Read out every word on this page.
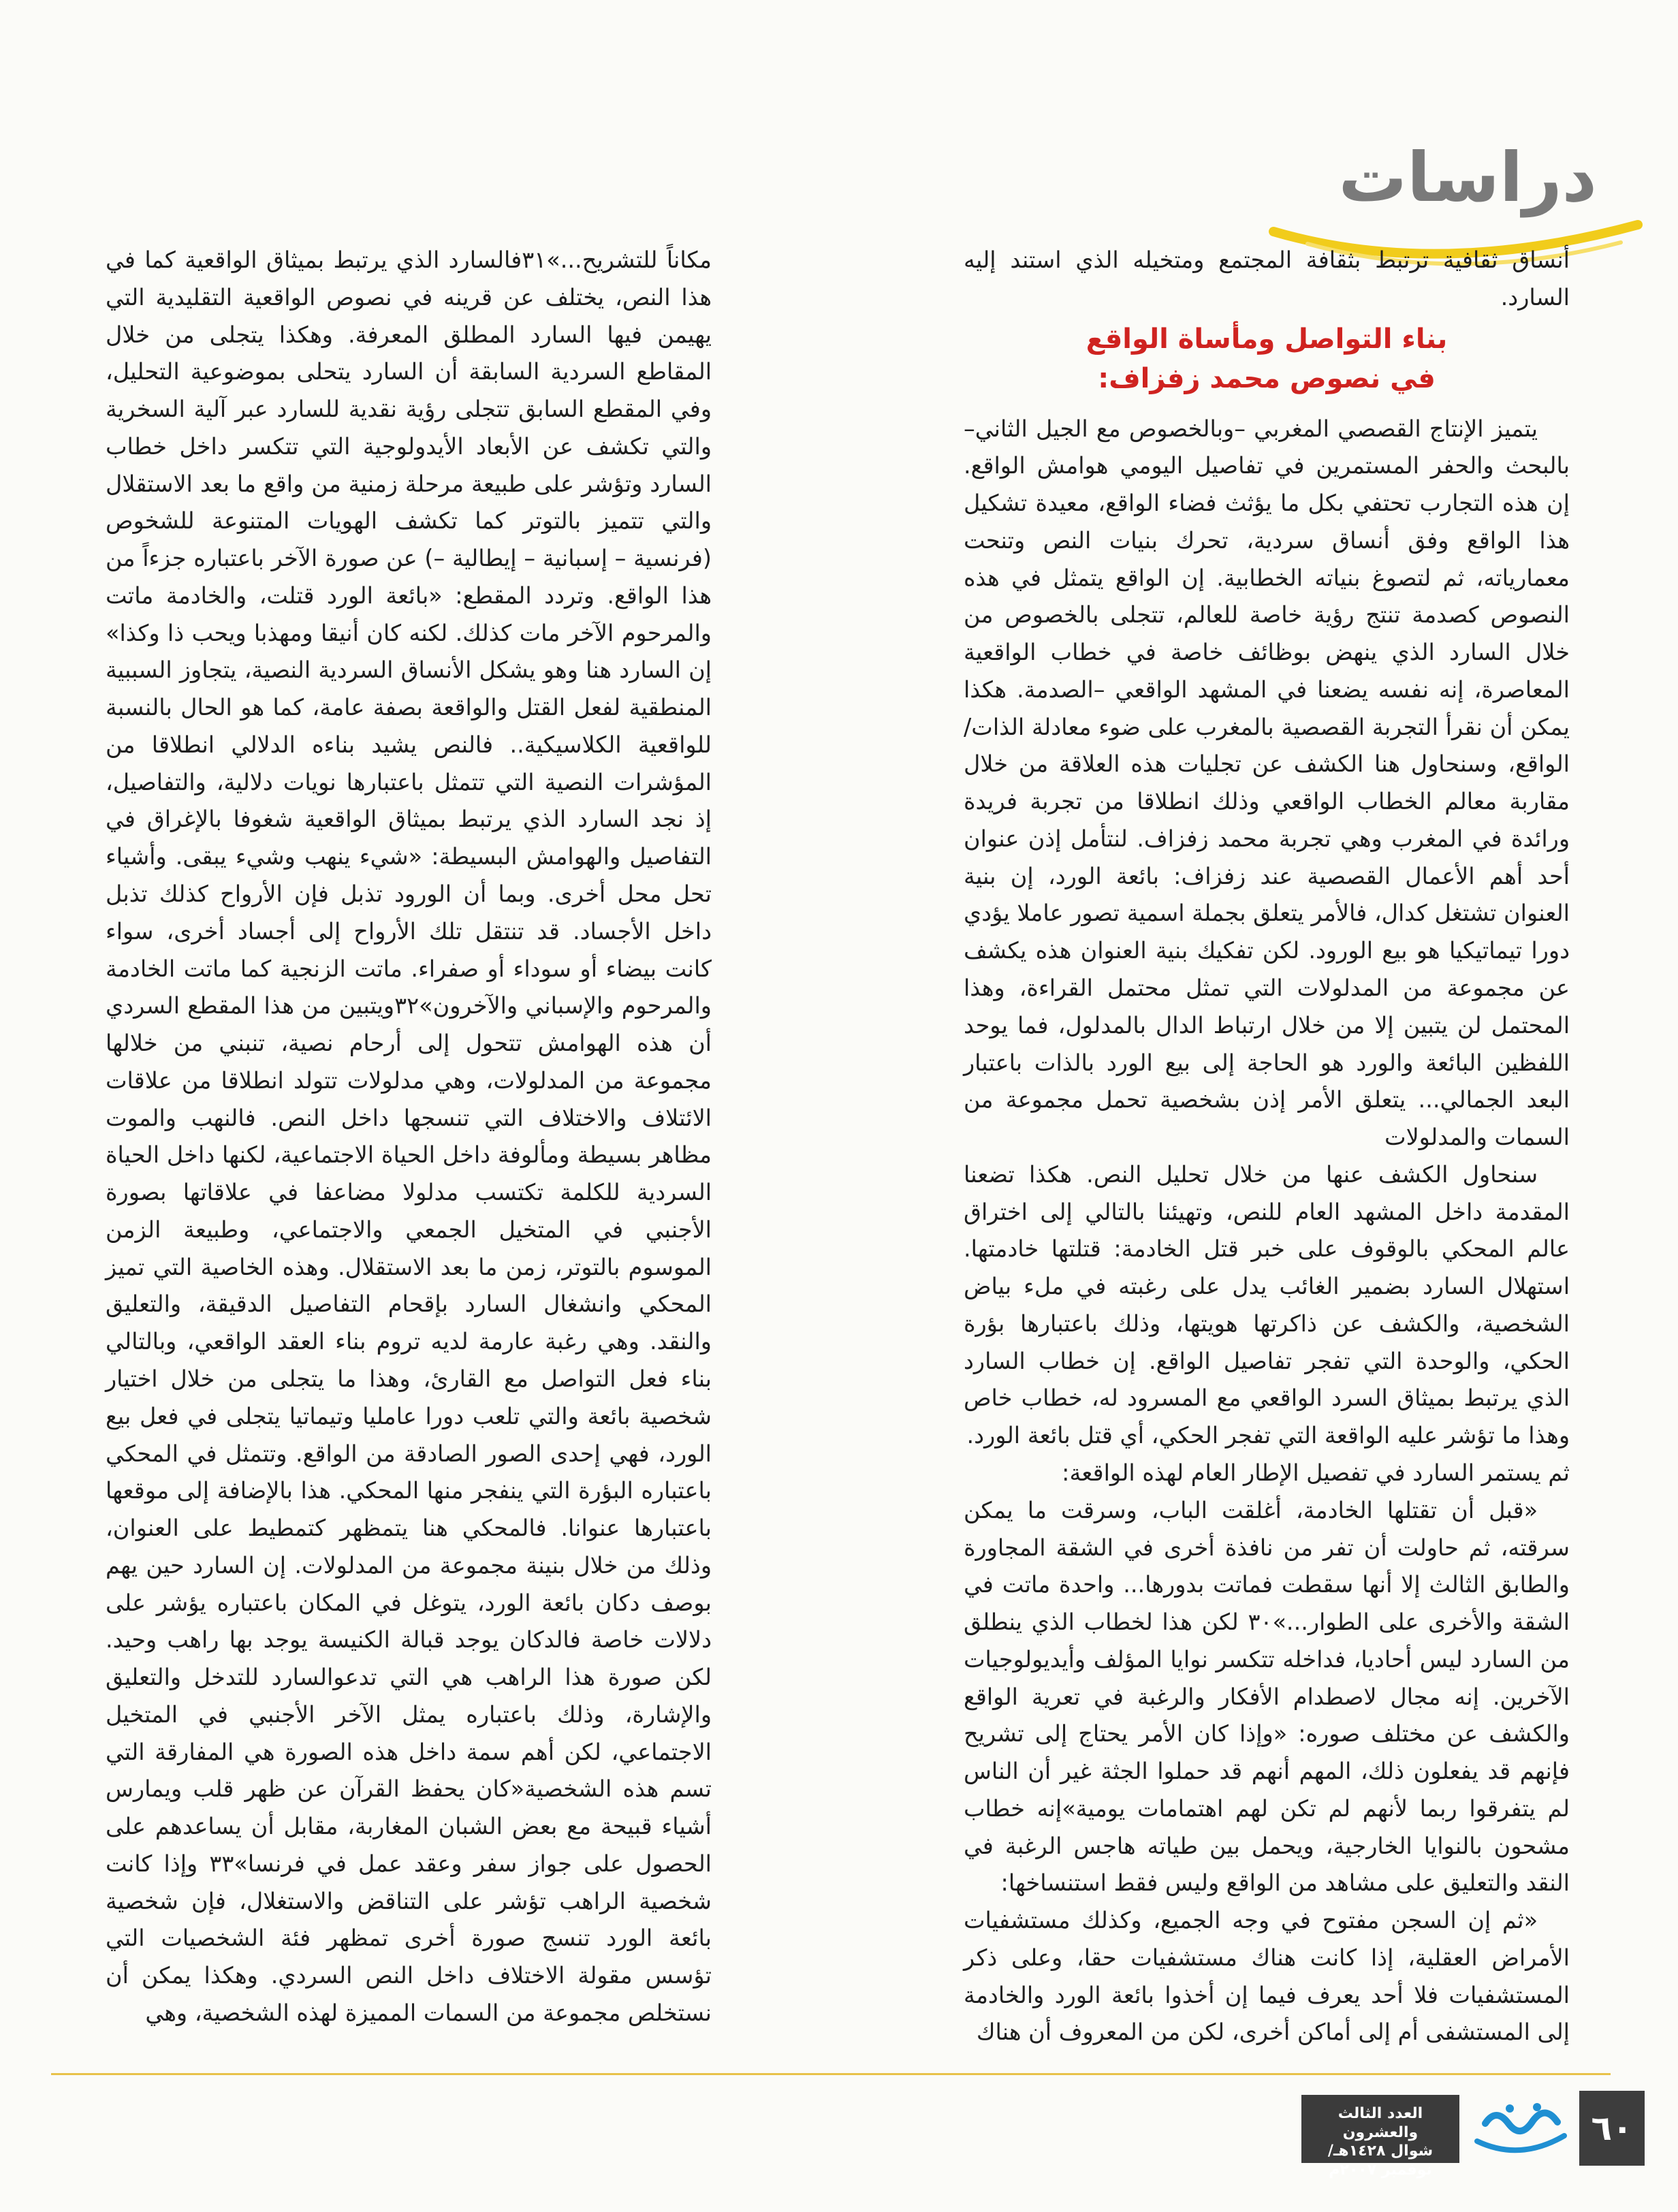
دراسات

أنساق ثقافية ترتبط بثقافة المجتمع ومتخيله الذي استند إليه السارد.

بناء التواصل ومأساة الواقع
في نصوص محمد زفزاف:

يتميز الإنتاج القصصي المغربي –وبالخصوص مع الجيل الثاني– بالبحث والحفر المستمرين في تفاصيل اليومي هوامش الواقع. إن هذه التجارب تحتفي بكل ما يؤثث فضاء الواقع، معيدة تشكيل هذا الواقع وفق أنساق سردية، تحرك بنيات النص وتنحت معمارياته، ثم لتصوغ بنياته الخطابية. إن الواقع يتمثل في هذه النصوص كصدمة تنتج رؤية خاصة للعالم، تتجلى بالخصوص من خلال السارد الذي ينهض بوظائف خاصة في خطاب الواقعية المعاصرة، إنه نفسه يضعنا في المشهد الواقعي –الصدمة. هكذا يمكن أن نقرأ التجربة القصصية بالمغرب على ضوء معادلة الذات/الواقع، وسنحاول هنا الكشف عن تجليات هذه العلاقة من خلال مقاربة معالم الخطاب الواقعي وذلك انطلاقا من تجربة فريدة ورائدة في المغرب وهي تجربة محمد زفزاف. لنتأمل إذن عنوان أحد أهم الأعمال القصصية عند زفزاف: بائعة الورد، إن بنية العنوان تشتغل كدال، فالأمر يتعلق بجملة اسمية تصور عاملا يؤدي دورا تيماتيكيا هو بيع الورود. لكن تفكيك بنية العنوان هذه يكشف عن مجموعة من المدلولات التي تمثل محتمل القراءة، وهذا المحتمل لن يتبين إلا من خلال ارتباط الدال بالمدلول، فما يوحد اللفظين البائعة والورد هو الحاجة إلى بيع الورد بالذات باعتبار البعد الجمالي... يتعلق الأمر إذن بشخصية تحمل مجموعة من السمات والمدلولات

سنحاول الكشف عنها من خلال تحليل النص. هكذا تضعنا المقدمة داخل المشهد العام للنص، وتهيئنا بالتالي إلى اختراق عالم المحكي بالوقوف على خبر قتل الخادمة: قتلتها خادمتها. استهلال السارد بضمير الغائب يدل على رغبته في ملء بياض الشخصية، والكشف عن ذاكرتها هويتها، وذلك باعتبارها بؤرة الحكي، والوحدة التي تفجر تفاصيل الواقع. إن خطاب السارد الذي يرتبط بميثاق السرد الواقعي مع المسرود له، خطاب خاص وهذا ما تؤشر عليه الواقعة التي تفجر الحكي، أي قتل بائعة الورد.

ثم يستمر السارد في تفصيل الإطار العام لهذه الواقعة:

«قبل أن تقتلها الخادمة، أغلقت الباب، وسرقت ما يمكن سرقته، ثم حاولت أن تفر من نافذة أخرى في الشقة المجاورة والطابق الثالث إلا أنها سقطت فماتت بدورها... واحدة ماتت في الشقة والأخرى على الطوار...»٣٠ لكن هذا لخطاب الذي ينطلق من السارد ليس أحاديا، فداخله تتكسر نوايا المؤلف وأيديولوجيات الآخرين. إنه مجال لاصطدام الأفكار والرغبة في تعرية الواقع والكشف عن مختلف صوره: «وإذا كان الأمر يحتاج إلى تشريح فإنهم قد يفعلون ذلك، المهم أنهم قد حملوا الجثة غير أن الناس لم يتفرقوا ربما لأنهم لم تكن لهم اهتمامات يومية»إنه خطاب مشحون بالنوايا الخارجية، ويحمل بين طياته هاجس الرغبة في النقد والتعليق على مشاهد من الواقع وليس فقط استنساخها:

«ثم إن السجن مفتوح في وجه الجميع، وكذلك مستشفيات الأمراض العقلية، إذا كانت هناك مستشفيات حقا، وعلى ذكر المستشفيات فلا أحد يعرف فيما إن أخذوا بائعة الورد والخادمة إلى المستشفى أم إلى أماكن أخرى، لكن من المعروف أن هناك

مكاناً للتشريح...»٣١فالسارد الذي يرتبط بميثاق الواقعية كما في هذا النص، يختلف عن قرينه في نصوص الواقعية التقليدية التي يهيمن فيها السارد المطلق المعرفة. وهكذا يتجلى من خلال المقاطع السردية السابقة أن السارد يتحلى بموضوعية التحليل، وفي المقطع السابق تتجلى رؤية نقدية للسارد عبر آلية السخرية والتي تكشف عن الأبعاد الأيدولوجية التي تتكسر داخل خطاب السارد وتؤشر على طبيعة مرحلة زمنية من واقع ما بعد الاستقلال والتي تتميز بالتوتر كما تكشف الهويات المتنوعة للشخوص (فرنسية – إسبانية – إيطالية –) عن صورة الآخر باعتباره جزءاً من هذا الواقع. وتردد المقطع: «بائعة الورد قتلت، والخادمة ماتت والمرحوم الآخر مات كذلك. لكنه كان أنيقا ومهذبا ويحب ذا وكذا» إن السارد هنا وهو يشكل الأنساق السردية النصية، يتجاوز السببية المنطقية لفعل القتل والواقعة بصفة عامة، كما هو الحال بالنسبة للواقعية الكلاسيكية.. فالنص يشيد بناءه الدلالي انطلاقا من المؤشرات النصية التي تتمثل باعتبارها نويات دلالية، والتفاصيل، إذ نجد السارد الذي يرتبط بميثاق الواقعية شغوفا بالإغراق في التفاصيل والهوامش البسيطة: «شيء ينهب وشيء يبقى. وأشياء تحل محل أخرى. وبما أن الورود تذبل فإن الأرواح كذلك تذبل داخل الأجساد. قد تنتقل تلك الأرواح إلى أجساد أخرى، سواء كانت بيضاء أو سوداء أو صفراء. ماتت الزنجية كما ماتت الخادمة والمرحوم والإسباني والآخرون»٣٢ويتبين من هذا المقطع السردي أن هذه الهوامش تتحول إلى أرحام نصية، تنبني من خلالها مجموعة من المدلولات، وهي مدلولات تتولد انطلاقا من علاقات الائتلاف والاختلاف التي تنسجها داخل النص. فالنهب والموت مظاهر بسيطة ومألوفة داخل الحياة الاجتماعية، لكنها داخل الحياة السردية للكلمة تكتسب مدلولا مضاعفا في علاقاتها بصورة الأجنبي في المتخيل الجمعي والاجتماعي، وطبيعة الزمن الموسوم بالتوتر، زمن ما بعد الاستقلال. وهذه الخاصية التي تميز المحكي وانشغال السارد بإقحام التفاصيل الدقيقة، والتعليق والنقد. وهي رغبة عارمة لديه تروم بناء العقد الواقعي، وبالتالي بناء فعل التواصل مع القارئ، وهذا ما يتجلى من خلال اختيار شخصية بائعة والتي تلعب دورا عامليا وتيماتيا يتجلى في فعل بيع الورد، فهي إحدى الصور الصادقة من الواقع. وتتمثل في المحكي باعتباره البؤرة التي ينفجر منها المحكي. هذا بالإضافة إلى موقعها باعتبارها عنوانا. فالمحكي هنا يتمظهر كتمطيط على العنوان، وذلك من خلال بنينة مجموعة من المدلولات. إن السارد حين يهم بوصف دكان بائعة الورد، يتوغل في المكان باعتباره يؤشر على دلالات خاصة فالدكان يوجد قبالة الكنيسة يوجد بها راهب وحيد. لكن صورة هذا الراهب هي التي تدعوالسارد للتدخل والتعليق والإشارة، وذلك باعتباره يمثل الآخر الأجنبي في المتخيل الاجتماعي، لكن أهم سمة داخل هذه الصورة هي المفارقة التي تسم هذه الشخصية«كان يحفظ القرآن عن ظهر قلب ويمارس أشياء قبيحة مع بعض الشبان المغاربة، مقابل أن يساعدهم على الحصول على جواز سفر وعقد عمل في فرنسا»٣٣ وإذا كانت شخصية الراهب تؤشر على التناقض والاستغلال، فإن شخصية بائعة الورد تنسج صورة أخرى تمظهر فئة الشخصيات التي تؤسس مقولة الاختلاف داخل النص السردي. وهكذا يمكن أن نستخلص مجموعة من السمات المميزة لهذه الشخصية، وهي

٦٠
العدد الثالث والعشرون
شوال ١٤٢٨هـ/ نوفمبر ٢٠٠٧م
